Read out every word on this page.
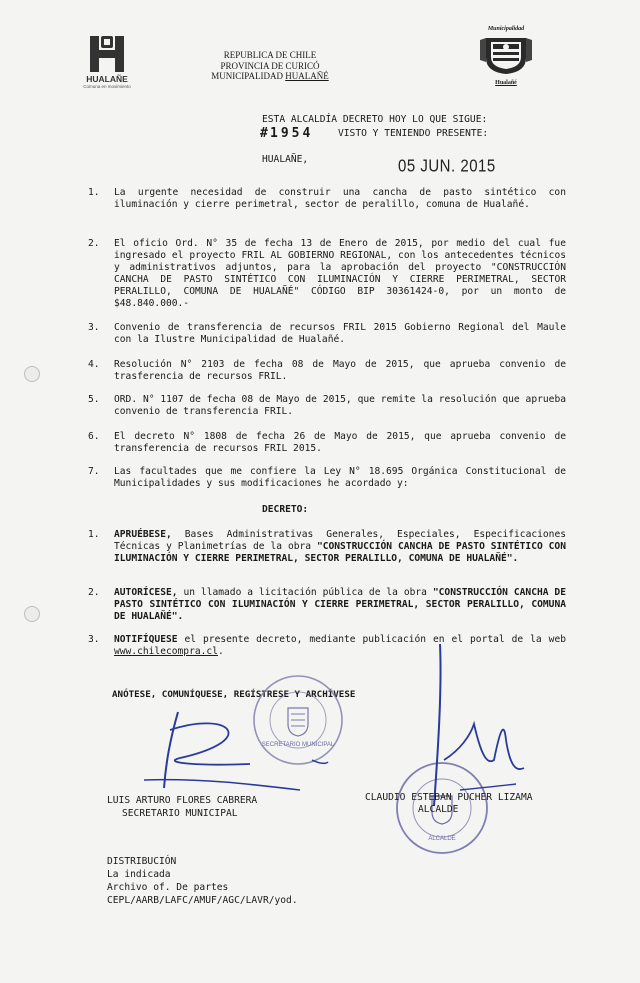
HUALAÑE
Comuna en movimiento
REPUBLICA DE CHILE
PROVINCIA DE CURICÓ
MUNICIPALIDAD HUALAÑÉ
Municipalidad
Hualañé
ESTA ALCALDÍA DECRETO HOY LO QUE SIGUE:
#1954	VISTO Y TENIENDO PRESENTE:
HUALAÑE,	05 JUN. 2015
1. La urgente necesidad de construir una cancha de pasto sintético con iluminación y cierre perimetral, sector de peralillo, comuna de Hualañé.
2. El oficio Ord. N° 35 de fecha 13 de Enero de 2015, por medio del cual fue ingresado el proyecto FRIL AL GOBIERNO REGIONAL, con los antecedentes técnicos y administrativos adjuntos, para la aprobación del proyecto "CONSTRUCCIÓN CANCHA DE PASTO SINTÉTICO CON ILUMINACIÓN Y CIERRE PERIMETRAL, SECTOR PERALILLO, COMUNA DE HUALAÑÉ" CÓDIGO BIP 30361424-0, por un monto de $48.840.000.-
3. Convenio de transferencia de recursos FRIL 2015 Gobierno Regional del Maule con la Ilustre Municipalidad de Hualañé.
4. Resolución N° 2103 de fecha 08 de Mayo de 2015, que aprueba convenio de trasferencia de recursos FRIL.
5. ORD. N° 1107 de fecha 08 de Mayo de 2015, que remite la resolución que aprueba convenio de transferencia FRIL.
6. El decreto N° 1808 de fecha 26 de Mayo de 2015, que aprueba convenio de transferencia de recursos FRIL 2015.
7. Las facultades que me confiere la Ley N° 18.695 Orgánica Constitucional de Municipalidades y sus modificaciones he acordado y:
DECRETO:
1. APRUÉBESE, Bases Administrativas Generales, Especiales, Especificaciones Técnicas y Planimetrías de la obra "CONSTRUCCIÓN CANCHA DE PASTO SINTÉTICO CON ILUMINACIÓN Y CIERRE PERIMETRAL, SECTOR PERALILLO, COMUNA DE HUALAÑÉ".
2. AUTORÍCESE, un llamado a licitación pública de la obra "CONSTRUCCIÓN CANCHA DE PASTO SINTÉTICO CON ILUMINACIÓN Y CIERRE PERIMETRAL, SECTOR PERALILLO, COMUNA DE HUALAÑÉ".
3. NOTIFÍQUESE el presente decreto, mediante publicación en el portal de la web www.chilecompra.cl.
ANÓTESE, COMUNÍQUESE, REGÍSTRESE Y ARCHÍVESE
SECRETARIO MUNICIPAL
ALCALDE
LUIS ARTURO FLORES CABRERA
SECRETARIO MUNICIPAL
CLAUDIO ESTEBAN PUCHER LIZAMA
ALCALDE
DISTRIBUCIÓN
La indicada
Archivo of. De partes
CEPL/AARB/LAFC/AMUF/AGC/LAVR/yod.
